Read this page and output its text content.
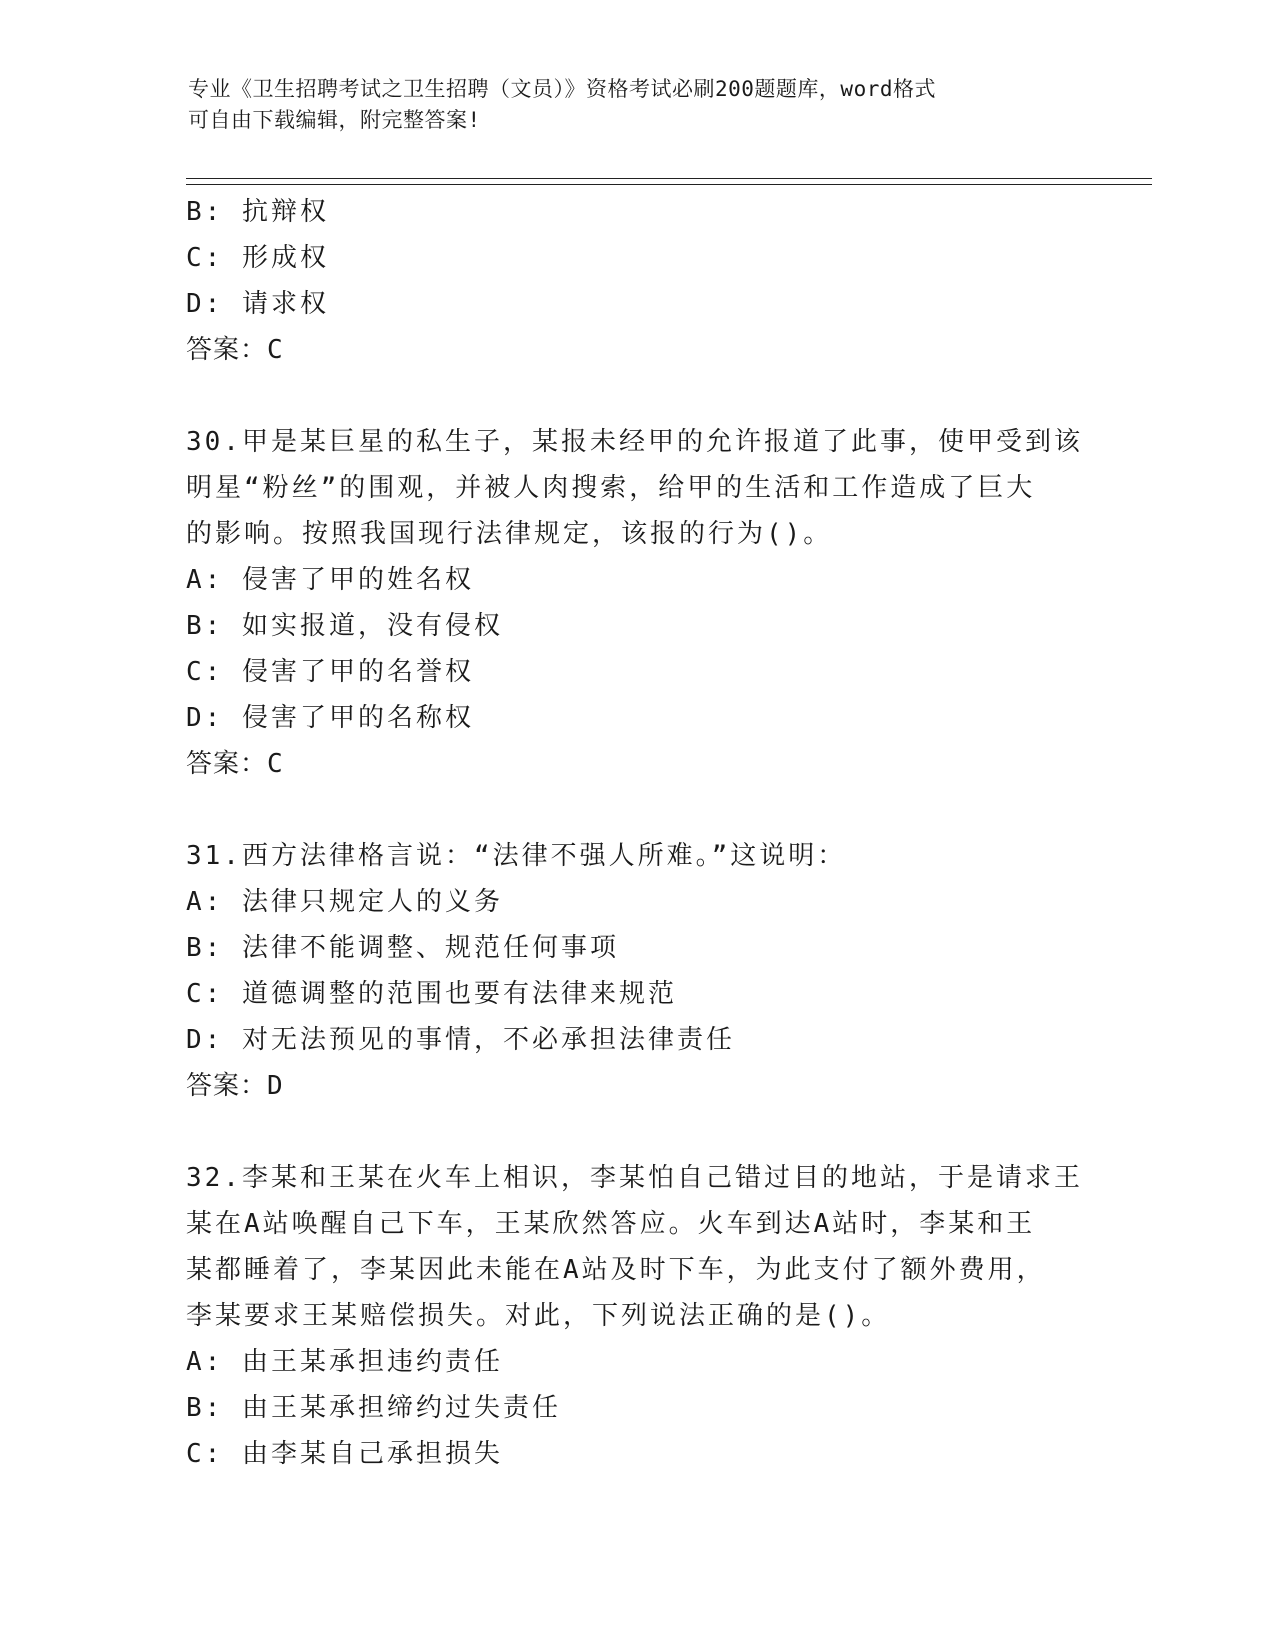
专业《卫生招聘考试之卫生招聘（文员）》资格考试必刷200题题库，word格式
可自由下载编辑，附完整答案!
B: 抗辩权
C: 形成权
D: 请求权
答案：C
30.甲是某巨星的私生子，某报未经甲的允许报道了此事，使甲受到该
明星“粉丝”的围观，并被人肉搜索，给甲的生活和工作造成了巨大
的影响。按照我国现行法律规定，该报的行为()。
A: 侵害了甲的姓名权
B: 如实报道，没有侵权
C: 侵害了甲的名誉权
D: 侵害了甲的名称权
答案：C
31.西方法律格言说：“法律不强人所难。”这说明：
A: 法律只规定人的义务
B: 法律不能调整、规范任何事项
C: 道德调整的范围也要有法律来规范
D: 对无法预见的事情，不必承担法律责任
答案：D
32.李某和王某在火车上相识，李某怕自己错过目的地站，于是请求王
某在A站唤醒自己下车，王某欣然答应。火车到达A站时，李某和王
某都睡着了，李某因此未能在A站及时下车，为此支付了额外费用，
李某要求王某赔偿损失。对此，下列说法正确的是()。
A: 由王某承担违约责任
B: 由王某承担缔约过失责任
C: 由李某自己承担损失
